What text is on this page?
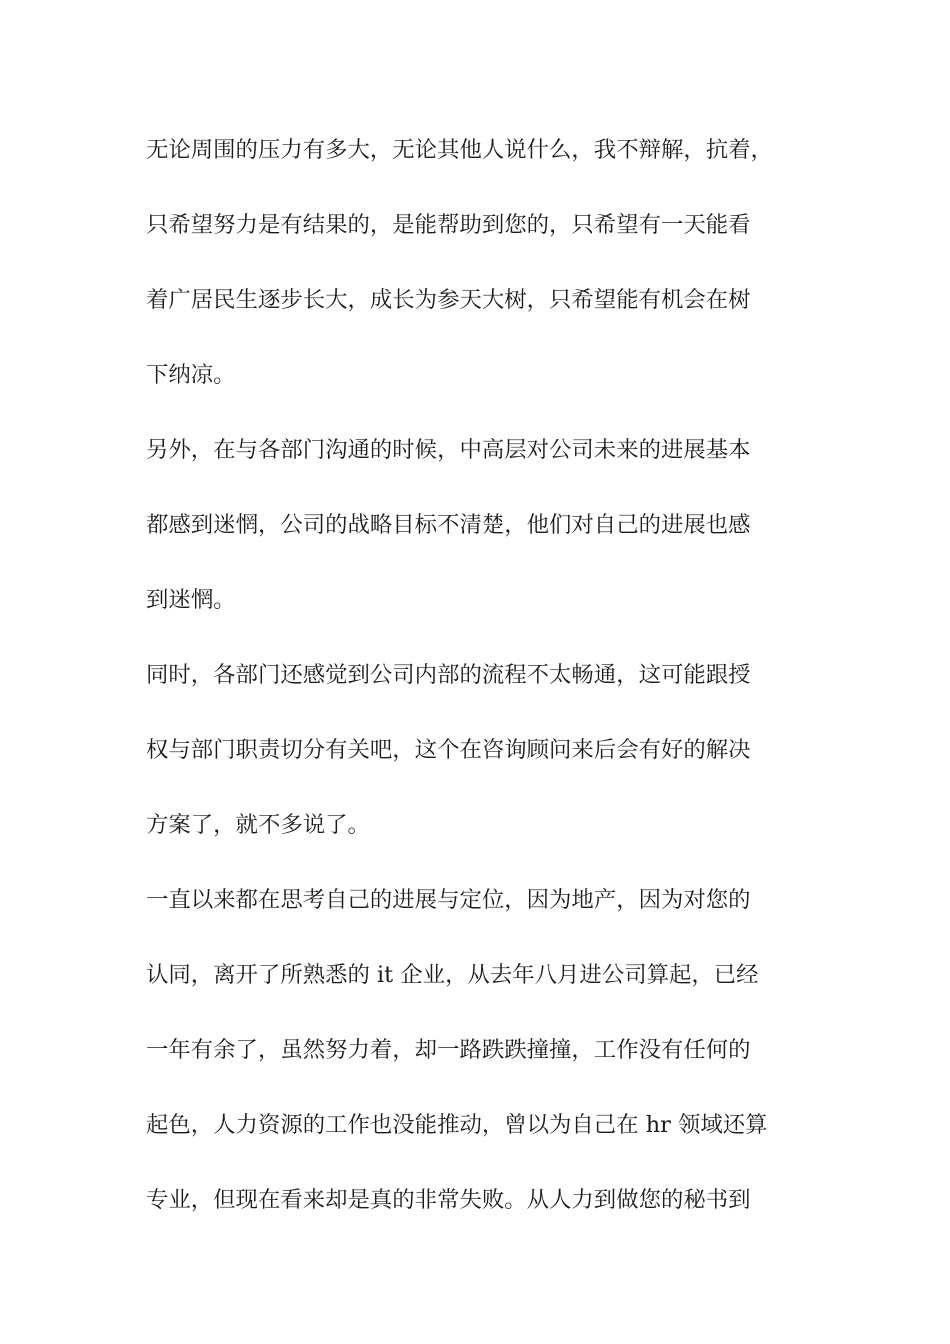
无论周围的压力有多大，无论其他人说什么，我不辩解，抗着，
只希望努力是有结果的，是能帮助到您的，只希望有一天能看
着广居民生逐步长大，成长为参天大树，只希望能有机会在树
下纳凉。
另外，在与各部门沟通的时候，中高层对公司未来的进展基本
都感到迷惘，公司的战略目标不清楚，他们对自己的进展也感
到迷惘。
同时，各部门还感觉到公司内部的流程不太畅通，这可能跟授
权与部门职责切分有关吧，这个在咨询顾问来后会有好的解决
方案了，就不多说了。
一直以来都在思考自己的进展与定位，因为地产，因为对您的
认同，离开了所熟悉的 it 企业，从去年八月进公司算起，已经
一年有余了，虽然努力着，却一路跌跌撞撞，工作没有任何的
起色，人力资源的工作也没能推动，曾以为自己在 hr 领域还算
专业，但现在看来却是真的非常失败。从人力到做您的秘书到
